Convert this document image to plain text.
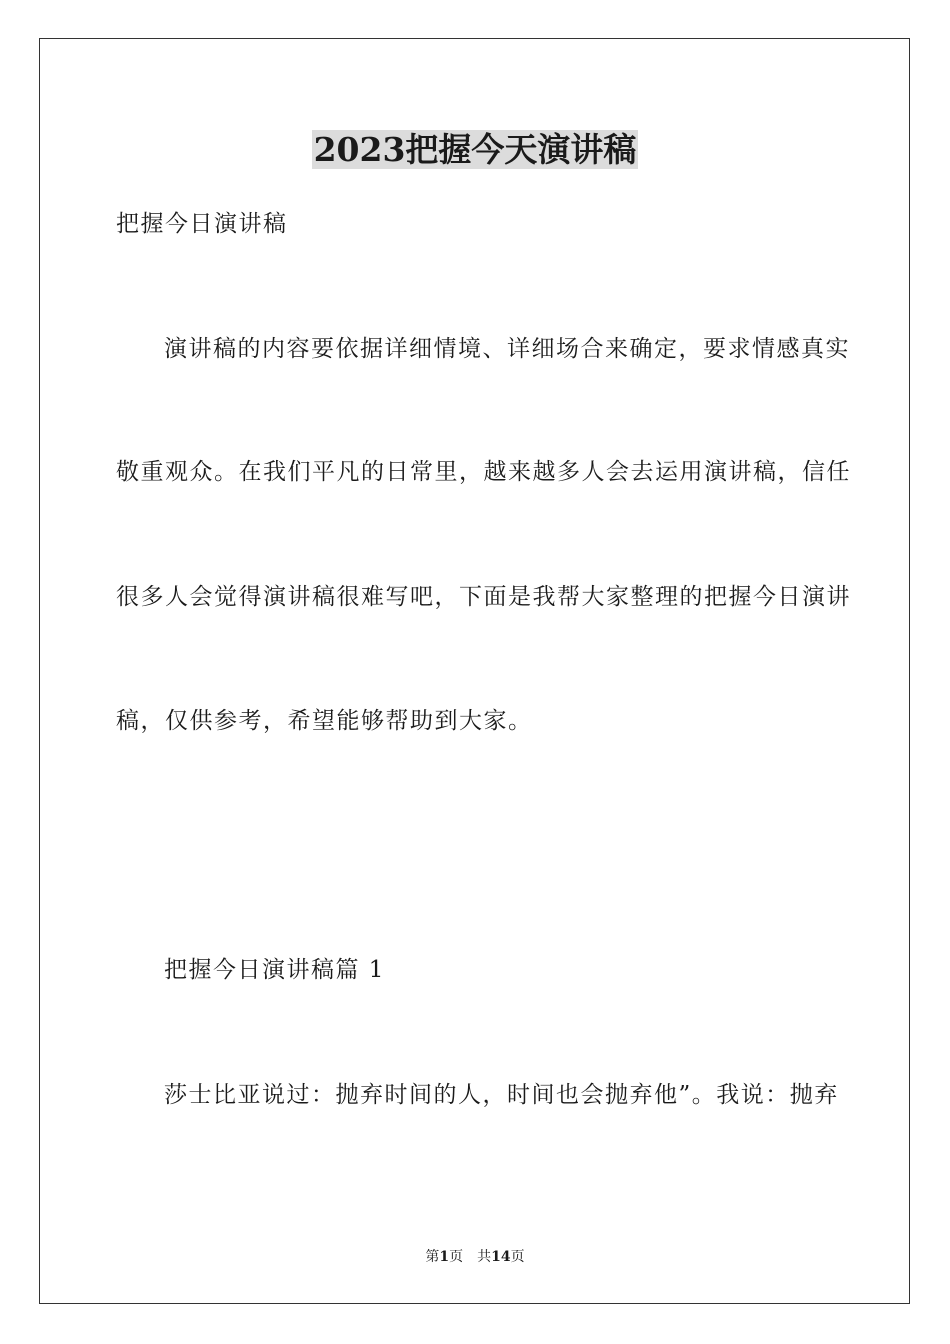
2023把握今天演讲稿

把握今日演讲稿

演讲稿的内容要依据详细情境、详细场合来确定，要求情感真实

敬重观众。在我们平凡的日常里，越来越多人会去运用演讲稿，信任

很多人会觉得演讲稿很难写吧，下面是我帮大家整理的把握今日演讲

稿，仅供参考，希望能够帮助到大家。

把握今日演讲稿篇 1

莎士比亚说过：抛弃时间的人，时间也会抛弃他”。我说：抛弃

第1页 共14页
